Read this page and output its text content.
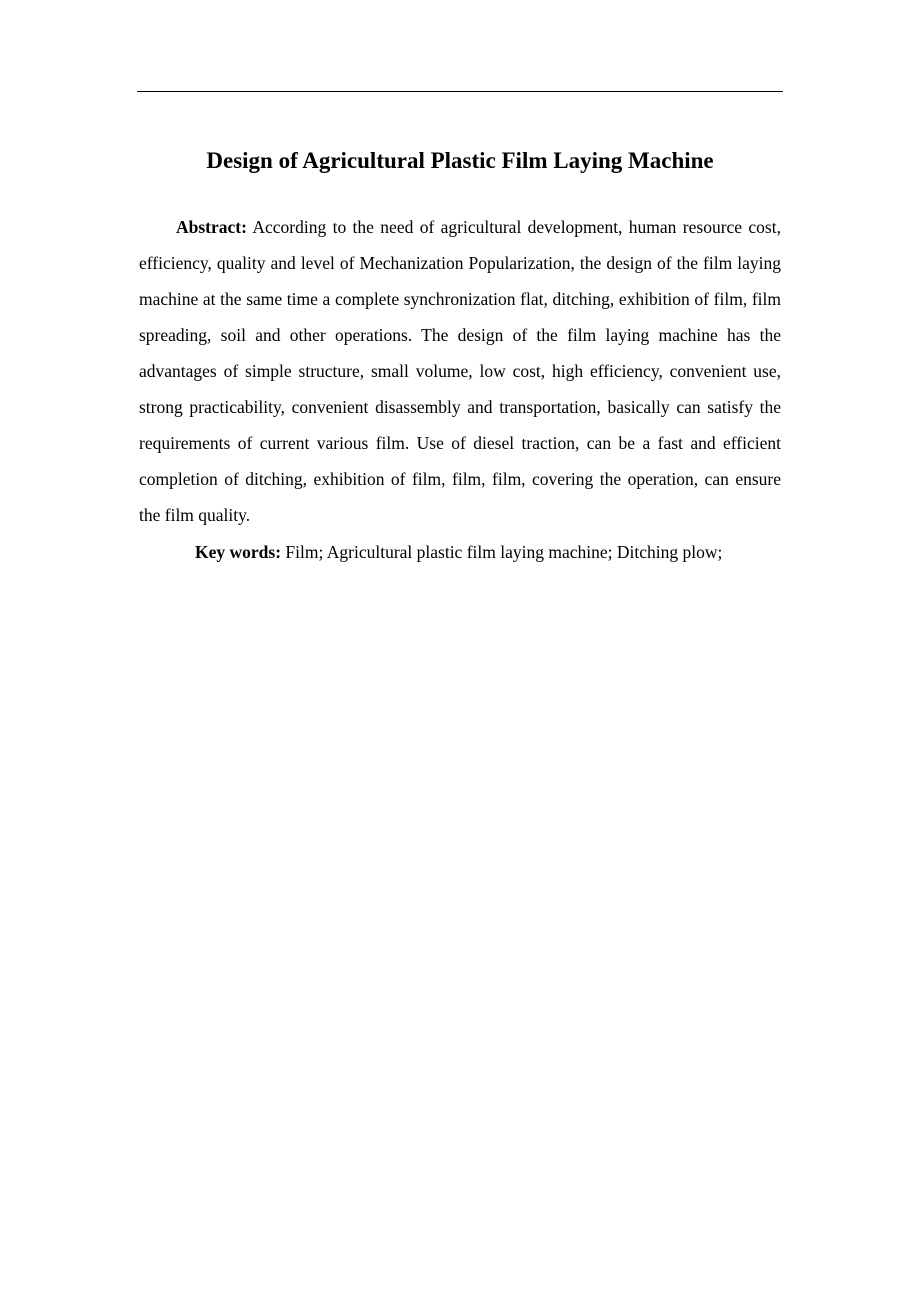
Design of Agricultural Plastic Film Laying Machine

Abstract: According to the need of agricultural development, human resource cost, efficiency, quality and level of Mechanization Popularization, the design of the film laying machine at the same time a complete synchronization flat, ditching, exhibition of film, film spreading, soil and other operations. The design of the film laying machine has the advantages of simple structure, small volume, low cost, high efficiency, convenient use, strong practicability, convenient disassembly and transportation, basically can satisfy the requirements of current various film. Use of diesel traction, can be a fast and efficient completion of ditching, exhibition of film, film, film, covering the operation, can ensure the film quality.

Key words: Film; Agricultural plastic film laying machine; Ditching plow;
